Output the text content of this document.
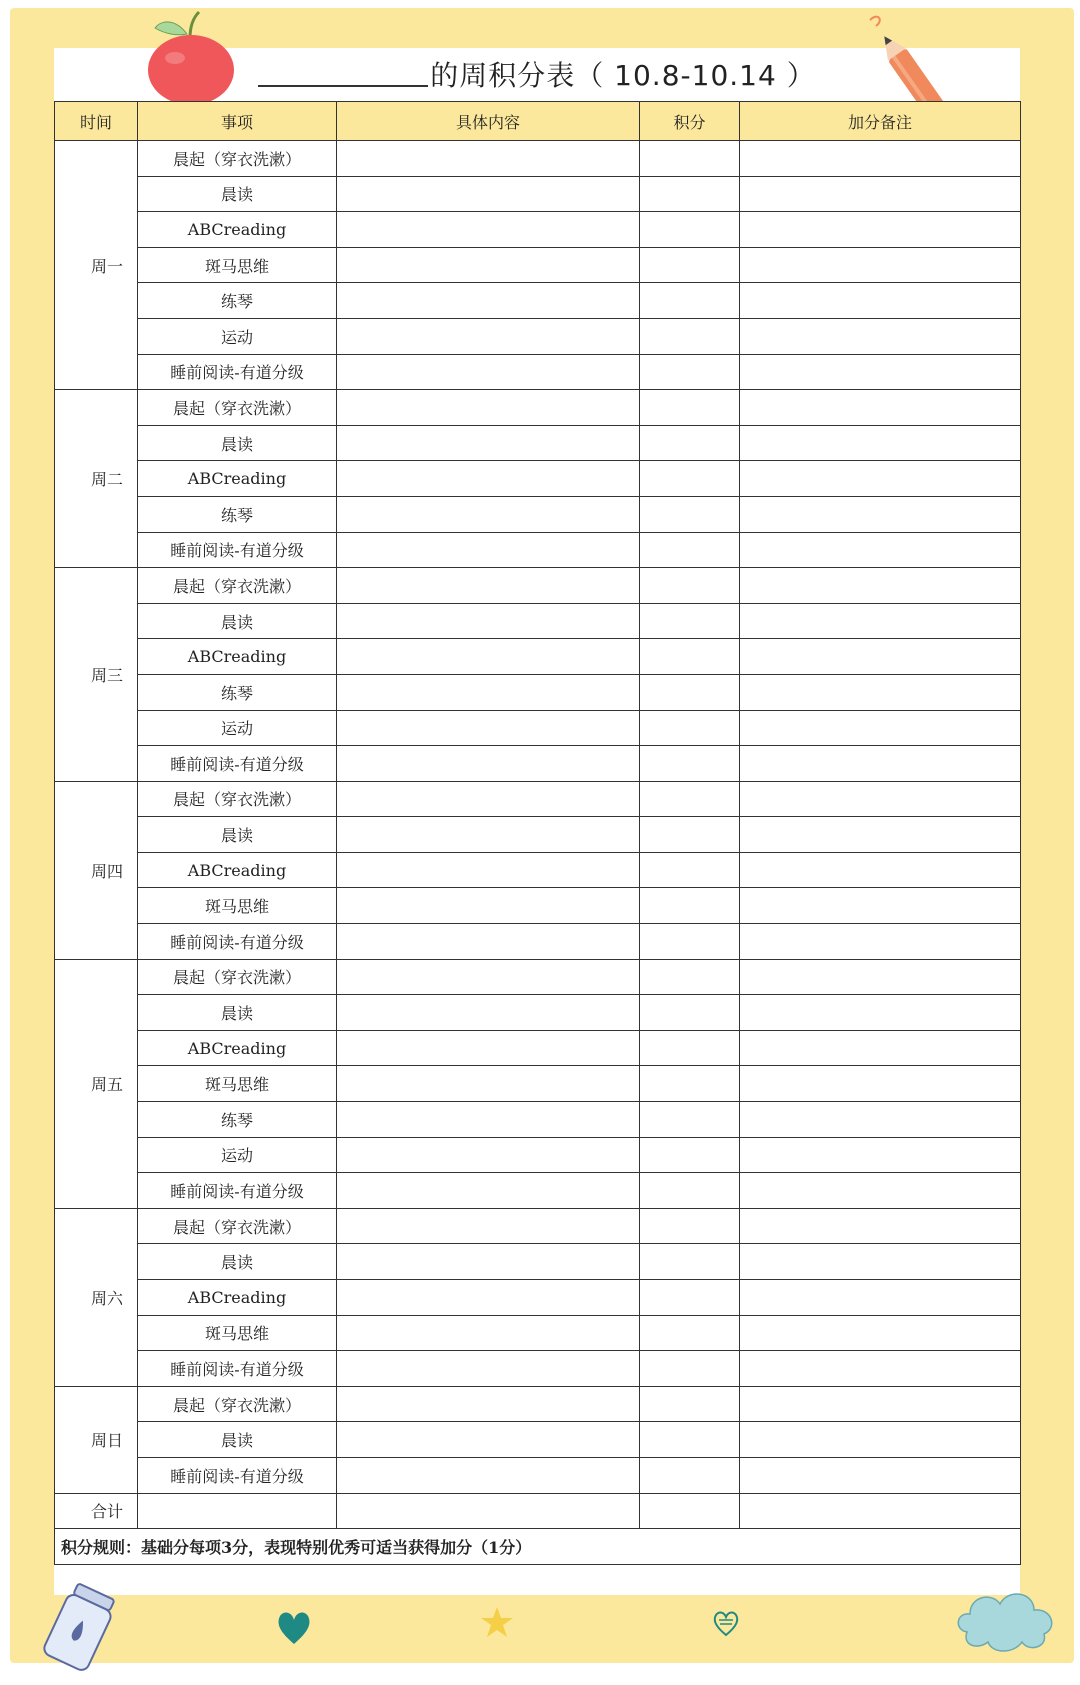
的周积分表（ 10.8-10.14 ）
时间	事项	具体内容	积分	加分备注
周一	晨起（穿衣洗漱）			
	晨读			
	ABCreading			
	斑马思维			
	练琴			
	运动			
	睡前阅读-有道分级			
周二	晨起（穿衣洗漱）			
	晨读			
	ABCreading			
	练琴			
	睡前阅读-有道分级			
周三	晨起（穿衣洗漱）			
	晨读			
	ABCreading			
	练琴			
	运动			
	睡前阅读-有道分级			
周四	晨起（穿衣洗漱）			
	晨读			
	ABCreading			
	斑马思维			
	睡前阅读-有道分级			
周五	晨起（穿衣洗漱）			
	晨读			
	ABCreading			
	斑马思维			
	练琴			
	运动			
	睡前阅读-有道分级			
周六	晨起（穿衣洗漱）			
	晨读			
	ABCreading			
	斑马思维			
	睡前阅读-有道分级			
周日	晨起（穿衣洗漱）			
	晨读			
	睡前阅读-有道分级			
合计				
积分规则：基础分每项3分，表现特别优秀可适当获得加分（1分）				
